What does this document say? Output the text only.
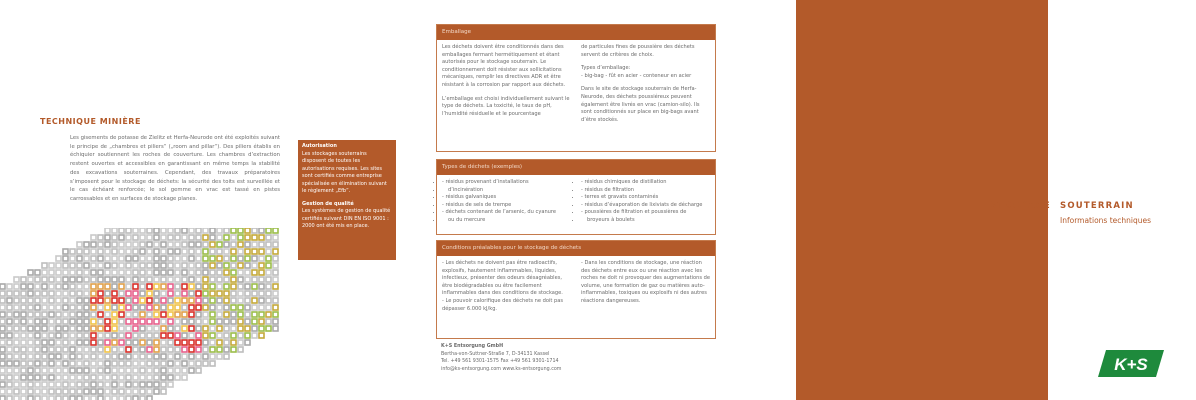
TECHNIQUE MINIÈRE

Les gisements de potasse de Zielitz et Herfa-Neurode ont été exploités suivant le principe de „chambres et piliers“ („room and pillar“). Des piliers établis en échiquier soutiennent les roches de couverture. Les chambres d’extraction restent ouvertes et accessibles en garantissant en même temps la stabilité des excavations souterraines. Cependant, des travaux préparatoires s’imposent pour le stockage de déchets: la sécurité des toits est surveillée et le cas échéant renforcée; le sol gemme en vrac est tassé en pistes carrossables et en surfaces de stockage planes.

Autorisation

Les stockages souterrains disposent de toutes les autorisations requises. Les sites sont certifiés comme entreprise spécialisée en élimination suivant le règlement „Efb“.

Gestion de qualité

Les systèmes de gestion de qualité certifiés suivant DIN EN ISO 9001 : 2000 ont été mis en place.

Emballage

Les déchets doivent être conditionnés dans des emballages fermant hermétiquement et étant autorisés pour le stockage souterrain. Le conditionnement doit résister aux sollicitations mécaniques, remplir les directives ADR et être résistant à la corrosion par rapport aux déchets.

L’emballage est choisi individuellement suivant le type de déchets. La toxicité, le taux de pH, l’humidité résiduelle et le pourcentage

de particules fines de poussière des déchets servent de critères de choix.

Types d’emballage:

- big-bag - fût en acier - conteneur en acier

Dans le site de stockage souterrain de Herfa-Neurode, des déchets poussiéreux peuvent également être livrés en vrac (camion-silo). Ils sont conditionnés sur place en big-bags avant d’être stockés.

Types de déchets (exemples)
• - résidus provenant d’installations
• d’incinération
• - résidus galvaniques
• - résidus de sels de trempe
• - déchets contenant de l’arsenic, du cyanure
• ou du mercure
• - résidus chimiques de distillation
• - résidus de filtration
• - terres et gravats contaminés
• - résidus d’évaporation de lixiviats de décharge
• - poussières de filtration et poussières de
• broyeurs à boulets
Conditions préalables pour le stockage de déchets

- Les déchets ne doivent pas être radioactifs, explosifs, hautement inflammables, liquides, infectieux, présenter des odeurs désagréables, être biodégradables ou être facilement inflammables dans des conditions de stockage.

- Le pouvoir calorifique des déchets ne doit pas dépasser 6.000 kJ/kg.

- Dans les conditions de stockage, une réaction des déchets entre eux ou une réaction avec les roches ne doit ni provoquer des augmentations de volume, une formation de gaz ou matières auto-inflammables, toxiques ou explosifs ni des autres réactions dangereuses.

K+S Entsorgung GmbH
Bertha-von-Suttner-Straße 7, D-34131 Kassel
Tel. +49 561 9301-1575 Fax +49 561 9301-1714
info@ks-entsorgung.com www.ks-entsorgung.com
STOCKAGE SOUTERRAIN
Informations techniques
K+S
